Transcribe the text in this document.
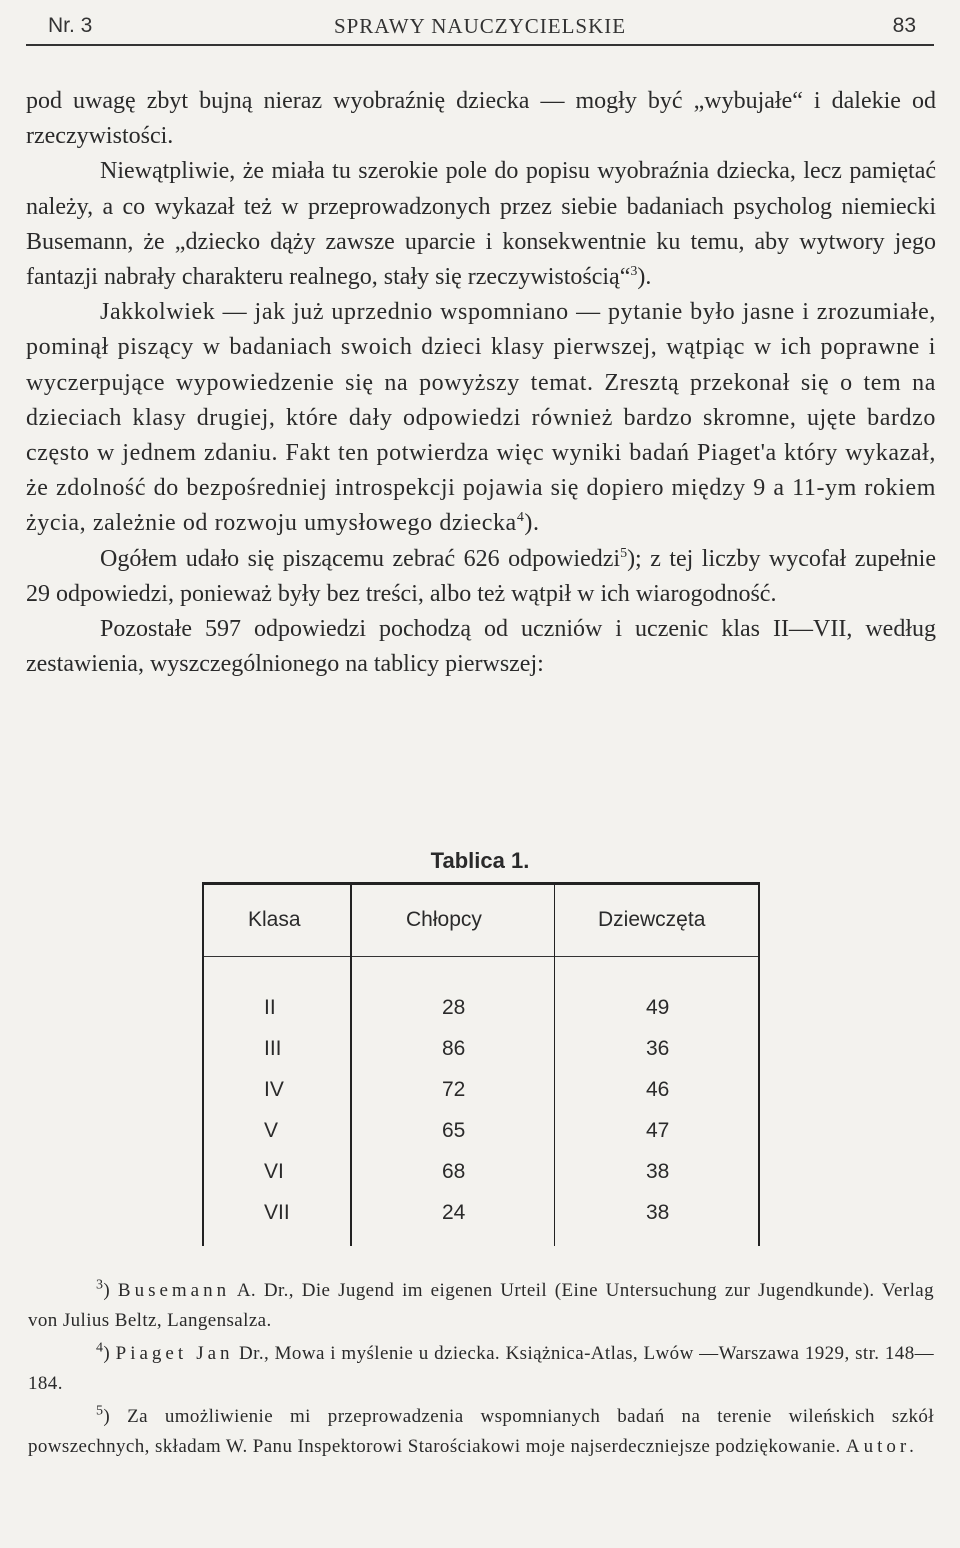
Nr. 3	SPRAWY NAUCZYCIELSKIE	83

pod uwagę zbyt bujną nieraz wyobraźnię dziecka — mogły być „wybujałe“ i dalekie od rzeczywistości.

Niewątpliwie, że miała tu szerokie pole do popisu wyobraźnia dziecka, lecz pamiętać należy, a co wykazał też w przeprowadzonych przez siebie badaniach psycholog niemiecki Busemann, że „dziecko dąży zawsze uparcie i konsekwentnie ku temu, aby wytwory jego fantazji nabrały charakteru realnego, stały się rzeczywistością“$^3$).

Jakkolwiek — jak już uprzednio wspomniano — pytanie było jasne i zrozumiałe, pominął piszący w badaniach swoich dzieci klasy pierwszej, wątpiąc w ich poprawne i wyczerpujące wypowiedzenie się na powyższy temat. Zresztą przekonał się o tem na dzieciach klasy drugiej, które dały odpowiedzi również bardzo skromne, ujęte bardzo często w jednem zdaniu. Fakt ten potwierdza więc wyniki badań Piaget'a który wykazał, że zdolność do bezpośredniej introspekcji pojawia się dopiero między 9 a 11-ym rokiem życia, zależnie od rozwoju umysłowego dziecka$^4$).

Ogółem udało się piszącemu zebrać 626 odpowiedzi$^5$); z tej liczby wycofał zupełnie 29 odpowiedzi, ponieważ były bez treści, albo też wątpił w ich wiarogodność.

Pozostałe 597 odpowiedzi pochodzą od uczniów i uczenic klas II—VII, według zestawienia, wyszczególnionego na tablicy pierwszej:

Tablica 1.
Klasa	Chłopcy	Dziewczęta
II	28	49
III	86	36
IV	72	46
V	65	47
VI	68	38
VII	24	38

$^3$) Busemann A. Dr., Die Jugend im eigenen Urteil (Eine Untersuchung zur Jugendkunde). Verlag von Julius Beltz, Langensalza.

$^4$) Piaget Jan Dr., Mowa i myślenie u dziecka. Książnica-Atlas, Lwów —Warszawa 1929, str. 148—184.

$^5$) Za umożliwienie mi przeprowadzenia wspomnianych badań na terenie wileńskich szkół powszechnych, składam W. Panu Inspektorowi Starościakowi moje najserdeczniejsze podziękowanie. Autor.
